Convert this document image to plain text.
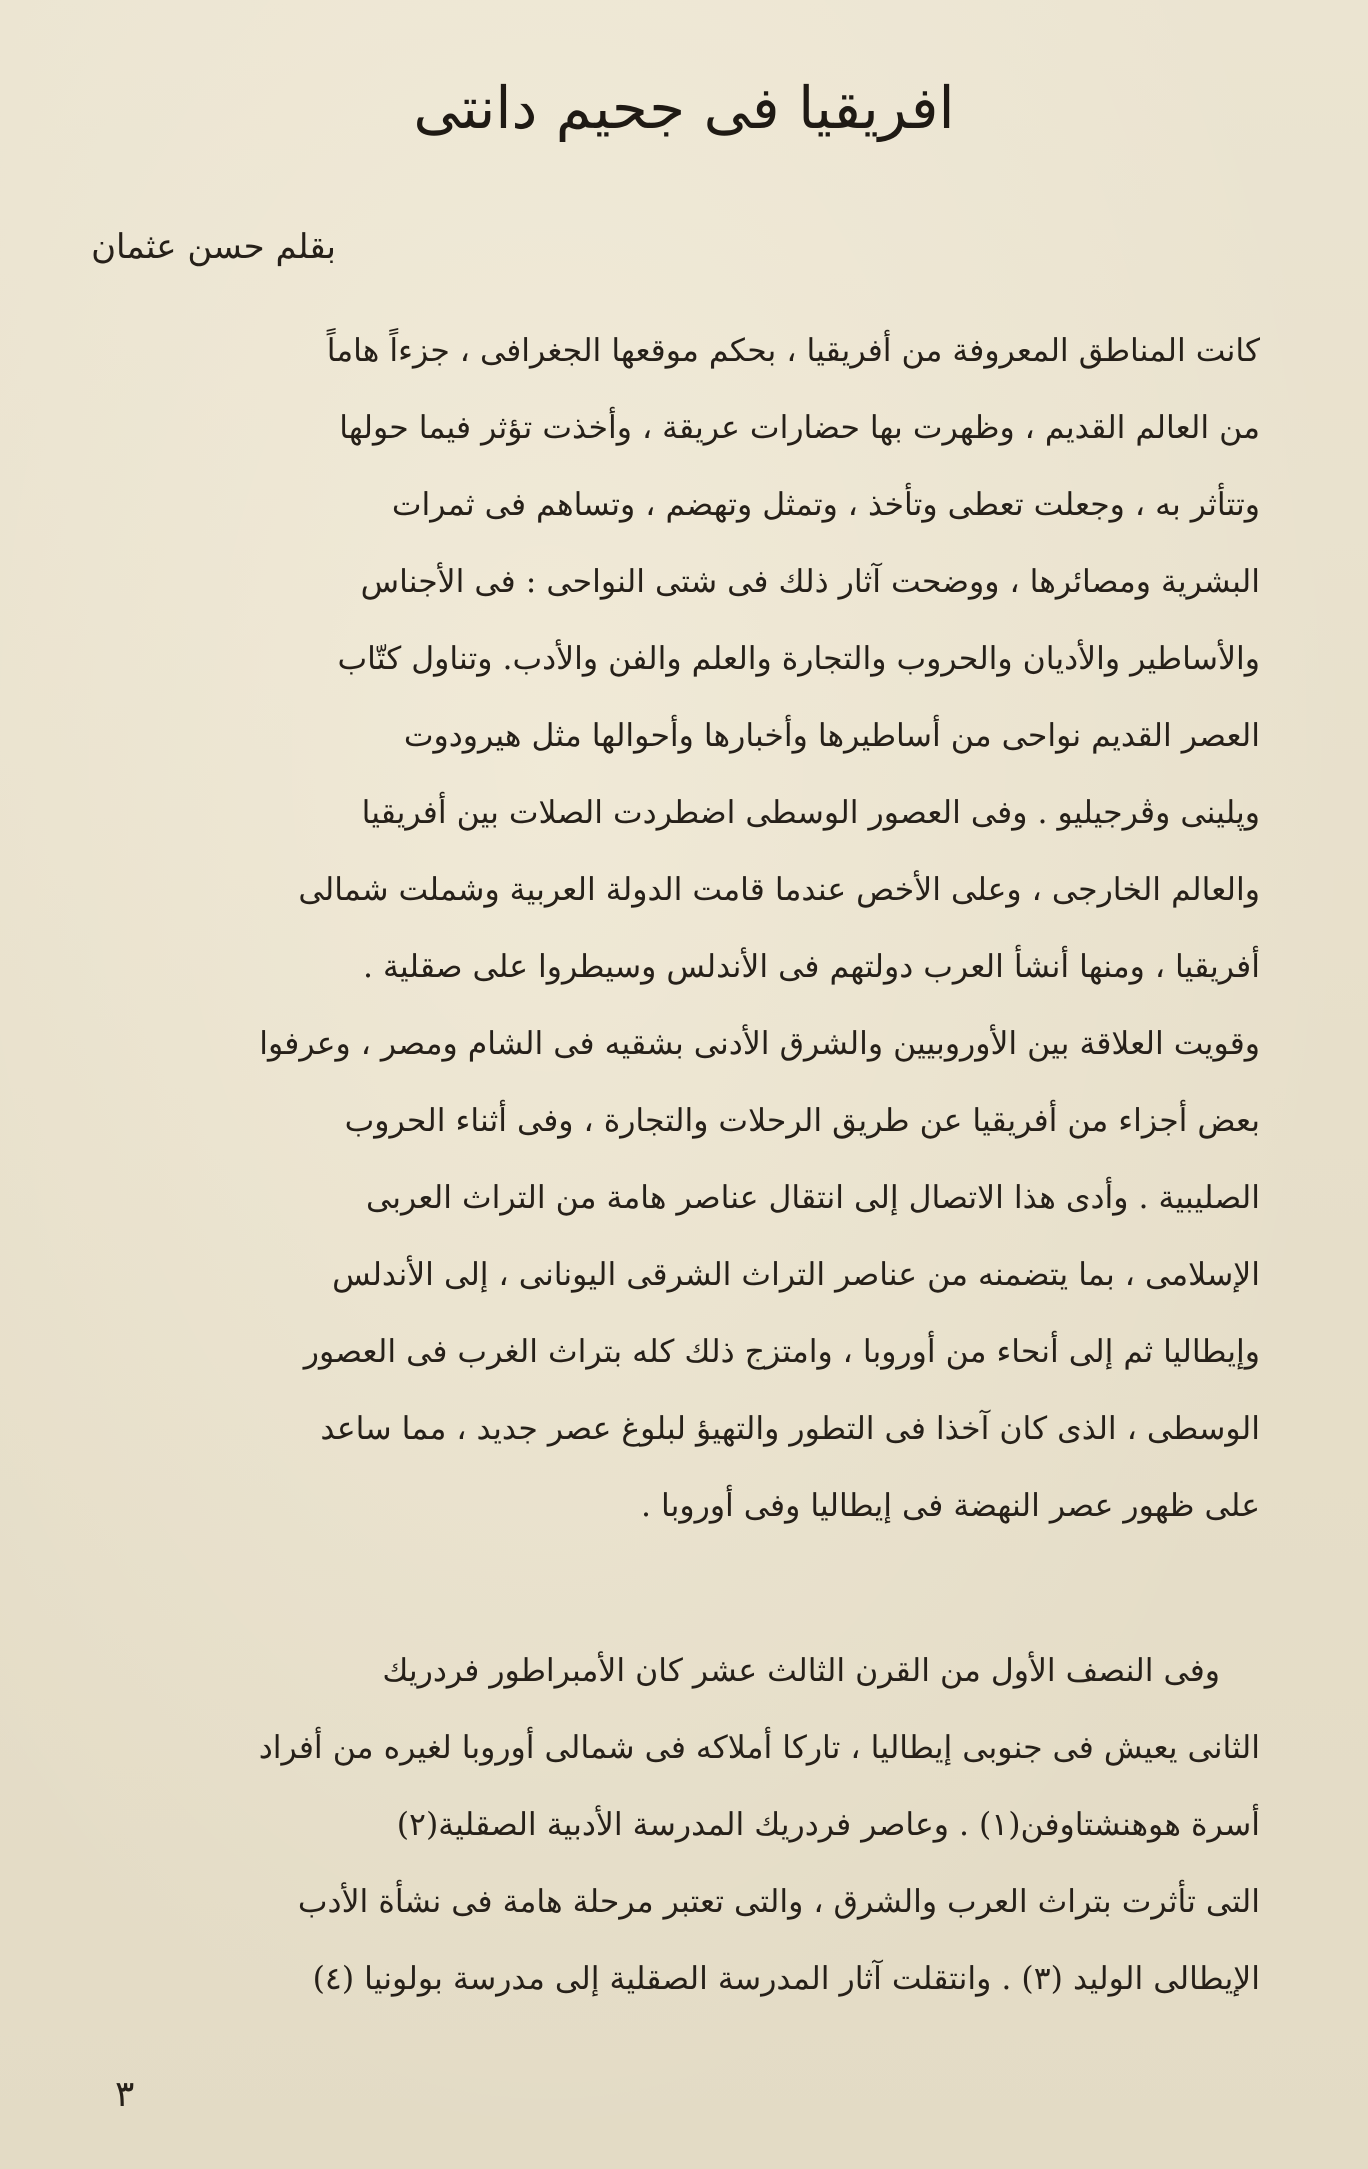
افريقيا فى جحيم دانتى
بقلم حسن عثمان
كانت المناطق المعروفة من أفريقيا ، بحكم موقعها الجغرافى ، جزءاً هاماً
من العالم القديم ، وظهرت بها حضارات عريقة ، وأخذت تؤثر فيما حولها
وتتأثر به ، وجعلت تعطى وتأخذ ، وتمثل وتهضم ، وتساهم فى ثمرات
البشرية ومصائرها ، ووضحت آثار ذلك فى شتى النواحى : فى الأجناس
والأساطير والأديان والحروب والتجارة والعلم والفن والأدب. وتناول كتّاب
العصر القديم نواحى من أساطيرها وأخبارها وأحوالها مثل هيرودوت
وپلينى وڤرجيليو . وفى العصور الوسطى اضطردت الصلات بين أفريقيا
والعالم الخارجى ، وعلى الأخص عندما قامت الدولة العربية وشملت شمالى
أفريقيا ، ومنها أنشأ العرب دولتهم فى الأندلس وسيطروا على صقلية .
وقويت العلاقة بين الأوروبيين والشرق الأدنى بشقيه فى الشام ومصر ، وعرفوا
بعض أجزاء من أفريقيا عن طريق الرحلات والتجارة ، وفى أثناء الحروب
الصليبية . وأدى هذا الاتصال إلى انتقال عناصر هامة من التراث العربى
الإسلامى ، بما يتضمنه من عناصر التراث الشرقى اليونانى ، إلى الأندلس
وإيطاليا ثم إلى أنحاء من أوروبا ، وامتزج ذلك كله بتراث الغرب فى العصور
الوسطى ، الذى كان آخذا فى التطور والتهيؤ لبلوغ عصر جديد ، مما ساعد
على ظهور عصر النهضة فى إيطاليا وفى أوروبا .
وفى النصف الأول من القرن الثالث عشر كان الأمبراطور فردريك
الثانى يعيش فى جنوبى إيطاليا ، تاركا أملاكه فى شمالى أوروبا لغيره من أفراد
أسرة هوهنشتاوفن(١) . وعاصر فردريك المدرسة الأدبية الصقلية(٢)
التى تأثرت بتراث العرب والشرق ، والتى تعتبر مرحلة هامة فى نشأة الأدب
الإيطالى الوليد (٣) . وانتقلت آثار المدرسة الصقلية إلى مدرسة بولونيا (٤)
٣
